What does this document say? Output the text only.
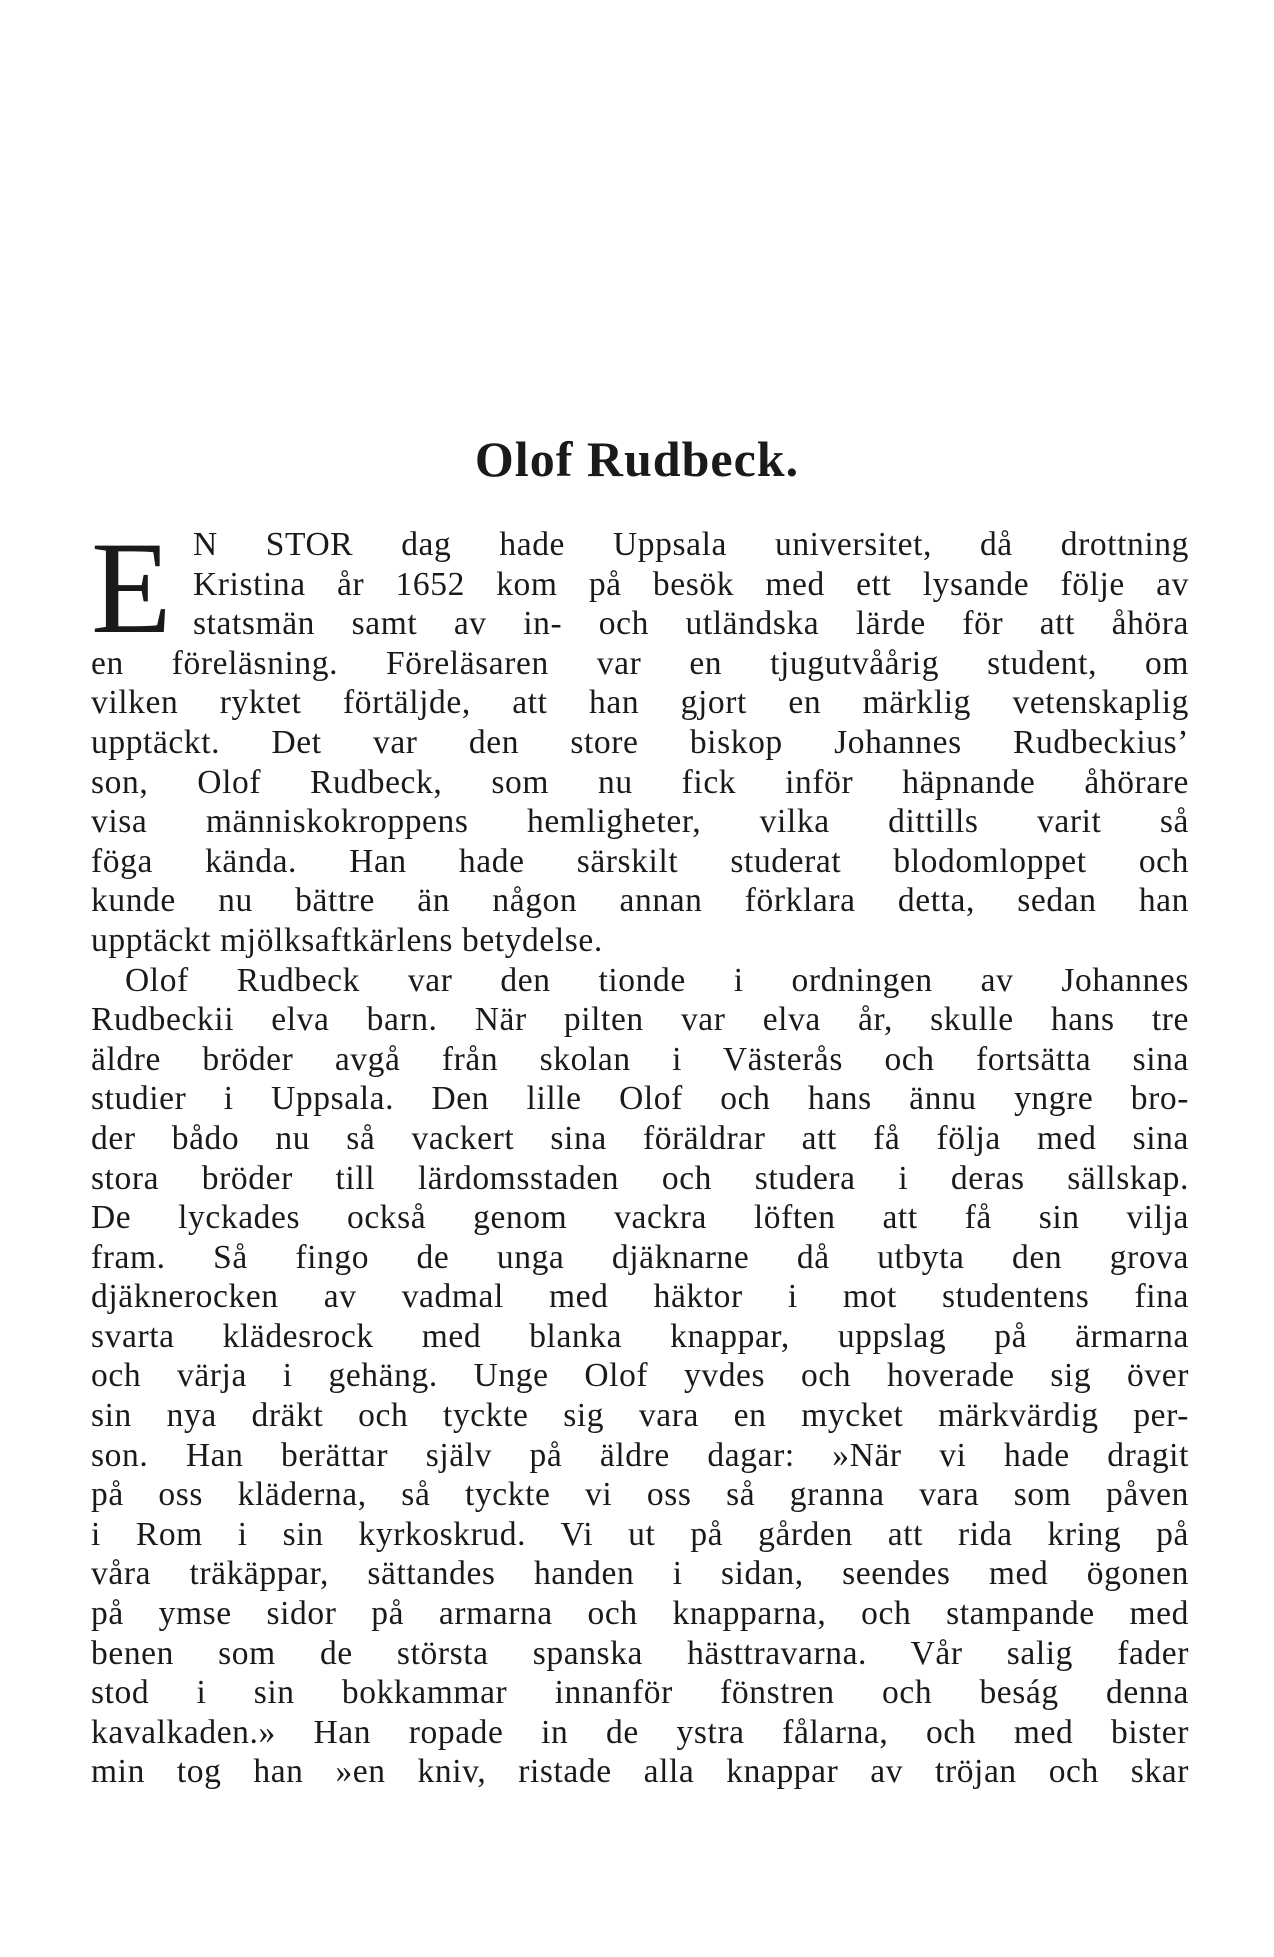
Olof Rudbeck.
E N STOR dag hade Uppsala universitet, då drottning
Kristina år 1652 kom på besök med ett lysande följe av
statsmän samt av in- och utländska lärde för att åhöra
en föreläsning. Föreläsaren var en tjugutvåårig student, om
vilken ryktet förtäljde, att han gjort en märklig vetenskaplig
upptäckt. Det var den store biskop Johannes Rudbeckius’
son, Olof Rudbeck, som nu fick inför häpnande åhörare
visa människokroppens hemligheter, vilka dittills varit så
föga kända. Han hade särskilt studerat blodomloppet och
kunde nu bättre än någon annan förklara detta, sedan han
upptäckt mjölksaftkärlens betydelse.
Olof Rudbeck var den tionde i ordningen av Johannes
Rudbeckii elva barn. När pilten var elva år, skulle hans tre
äldre bröder avgå från skolan i Västerås och fortsätta sina
studier i Uppsala. Den lille Olof och hans ännu yngre bro-
der bådo nu så vackert sina föräldrar att få följa med sina
stora bröder till lärdomsstaden och studera i deras sällskap.
De lyckades också genom vackra löften att få sin vilja
fram. Så fingo de unga djäknarne då utbyta den grova
djäknerocken av vadmal med häktor i mot studentens fina
svarta klädesrock med blanka knappar, uppslag på ärmarna
och värja i gehäng. Unge Olof yvdes och hoverade sig över
sin nya dräkt och tyckte sig vara en mycket märkvärdig per-
son. Han berättar själv på äldre dagar: »När vi hade dragit
på oss kläderna, så tyckte vi oss så granna vara som påven
i Rom i sin kyrkoskrud. Vi ut på gården att rida kring på
våra träkäppar, sättandes handen i sidan, seendes med ögonen
på ymse sidor på armarna och knapparna, och stampande med
benen som de största spanska hästtravarna. Vår salig fader
stod i sin bokkammar innanför fönstren och beság denna
kavalkaden.» Han ropade in de ystra fålarna, och med bister
min tog han »en kniv, ristade alla knappar av tröjan och skar
